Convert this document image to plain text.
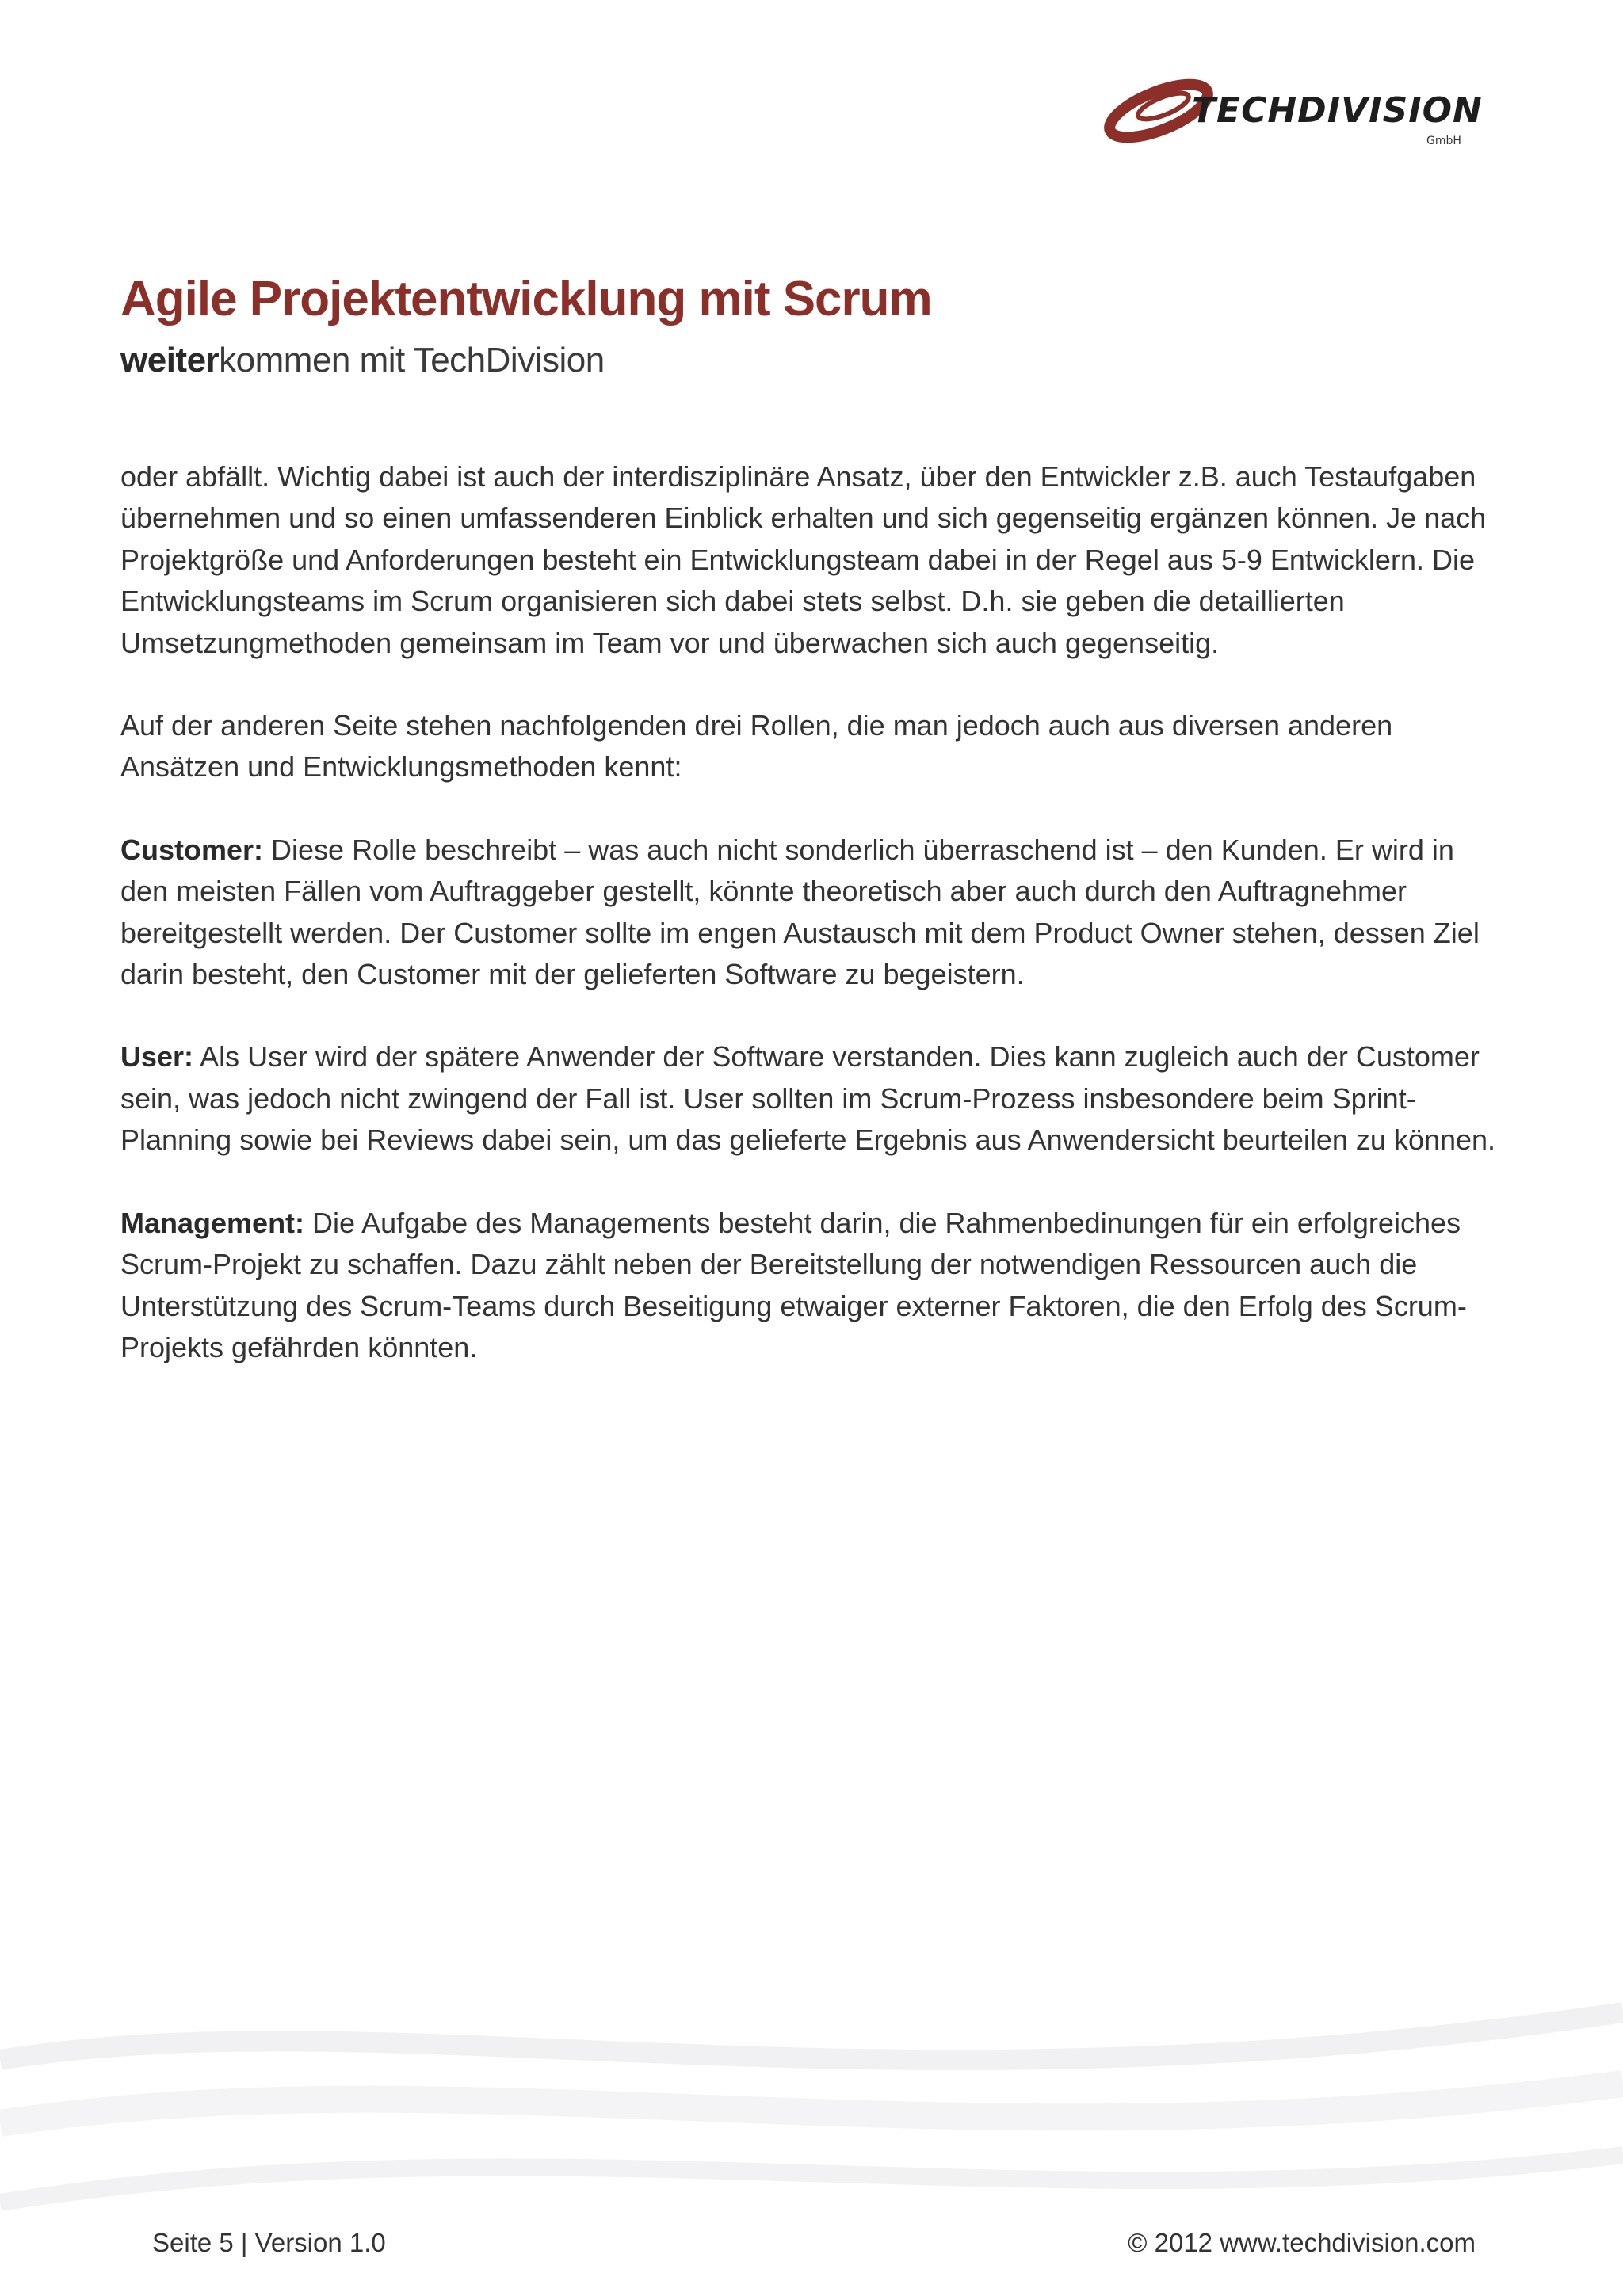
TECHDIVISION
GmbH
Agile Projektentwicklung mit Scrum
weiterkommen mit TechDivision

oder abfällt. Wichtig dabei ist auch der interdisziplinäre Ansatz, über den Entwickler z.B. auch Testaufgaben übernehmen und so einen umfassenderen Einblick erhalten und sich gegenseitig ergänzen können. Je nach Projektgröße und Anforderungen besteht ein Entwicklungsteam dabei in der Regel aus 5-9 Entwicklern. Die Entwicklungsteams im Scrum organisieren sich dabei stets selbst. D.h. sie geben die detaillierten Umsetzungmethoden gemeinsam im Team vor und überwachen sich auch gegenseitig.

Auf der anderen Seite stehen nachfolgenden drei Rollen, die man jedoch auch aus diversen anderen Ansätzen und Entwicklungsmethoden kennt:

Customer: Diese Rolle beschreibt – was auch nicht sonderlich überraschend ist – den Kunden. Er wird in den meisten Fällen vom Auftraggeber gestellt, könnte theoretisch aber auch durch den Auftragnehmer bereitgestellt werden. Der Customer sollte im engen Austausch mit dem Product Owner stehen, dessen Ziel darin besteht, den Customer mit der gelieferten Software zu begeistern.

User: Als User wird der spätere Anwender der Software verstanden. Dies kann zugleich auch der Customer sein, was jedoch nicht zwingend der Fall ist. User sollten im Scrum-Prozess insbesondere beim Sprint-Planning sowie bei Reviews dabei sein, um das gelieferte Ergebnis aus Anwendersicht beurteilen zu können.

Management: Die Aufgabe des Managements besteht darin, die Rahmenbedinungen für ein erfolgreiches Scrum-Projekt zu schaffen. Dazu zählt neben der Bereitstellung der notwendigen Ressourcen auch die Unterstützung des Scrum-Teams durch Beseitigung etwaiger externer Faktoren, die den Erfolg des Scrum-Projekts gefährden könnten.

Seite 5 | Version 1.0	© 2012 www.techdivision.com
